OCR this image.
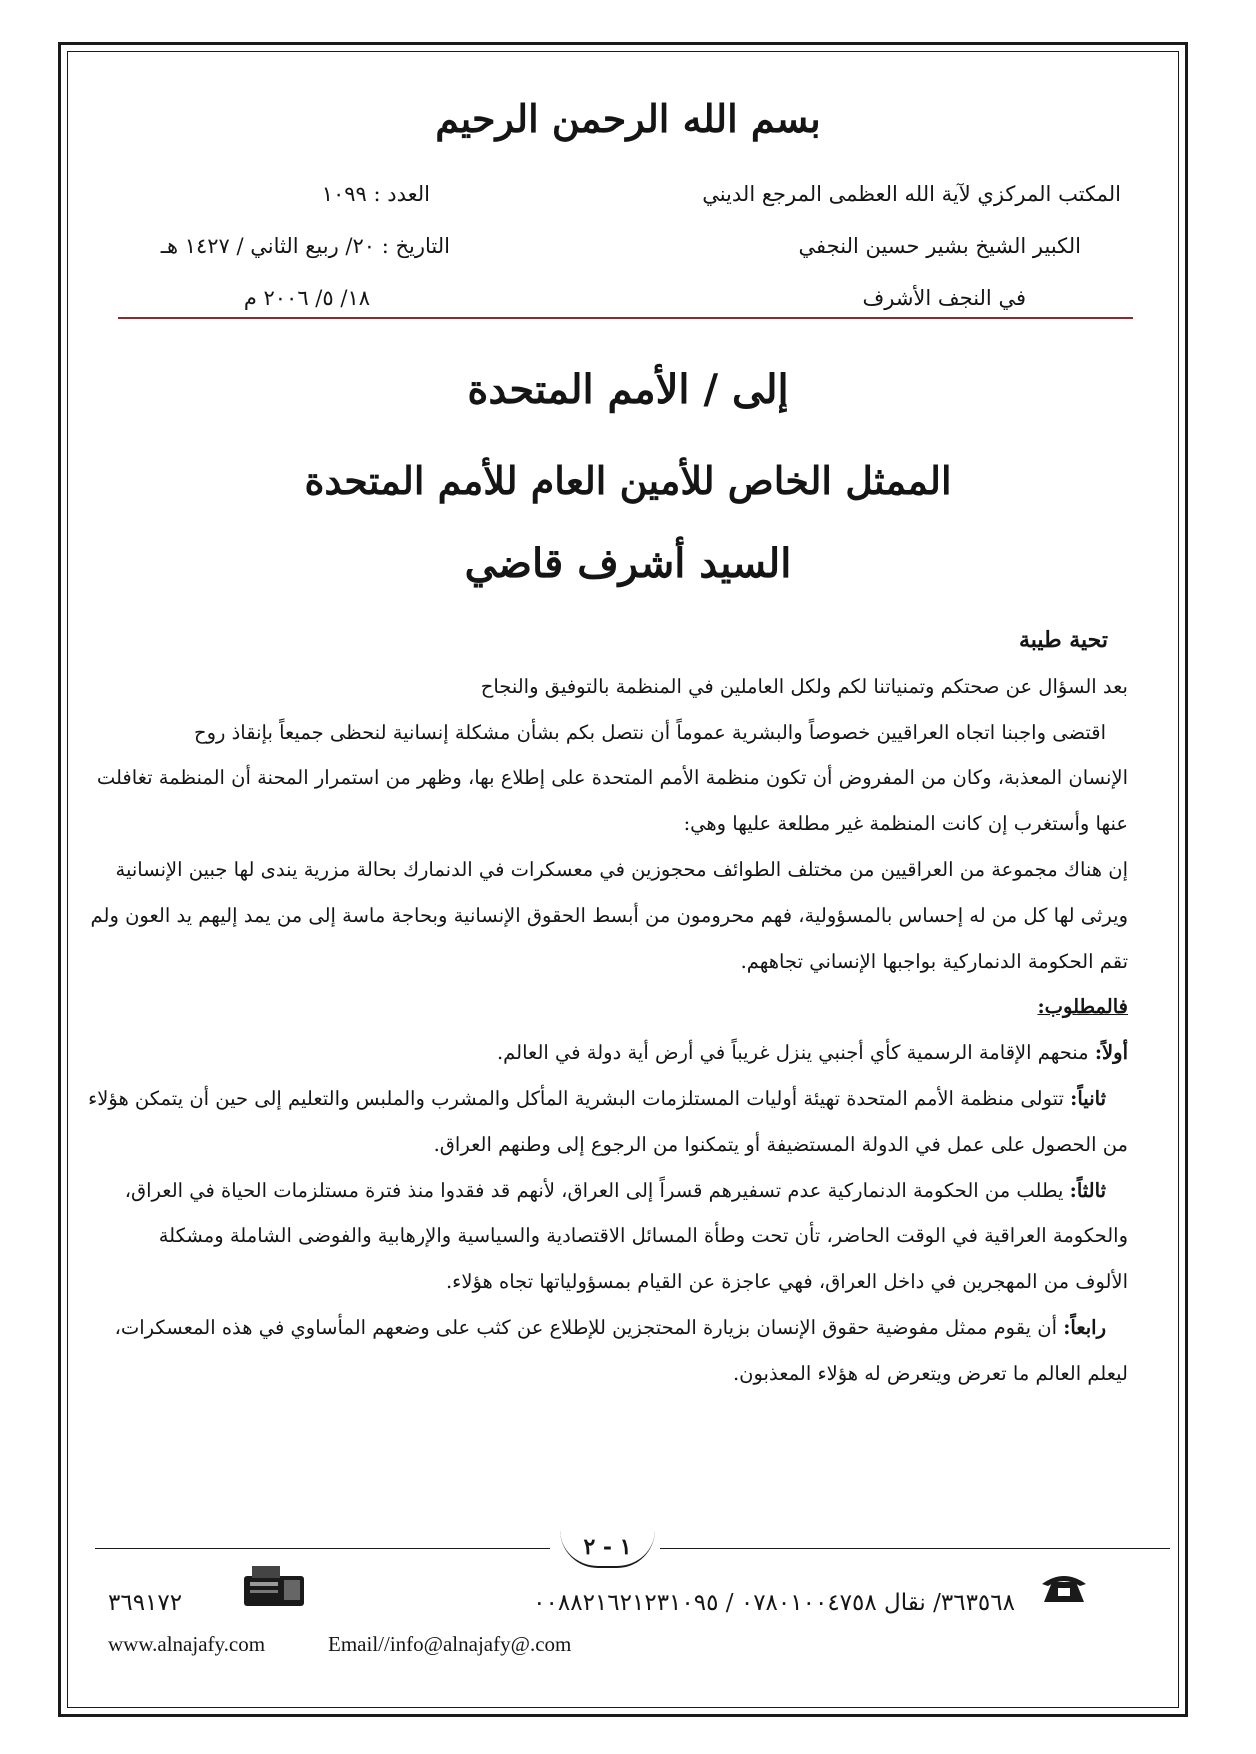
بسم الله الرحمن الرحيم
المكتب المركزي لآية الله العظمى المرجع الديني
الكبير الشيخ بشير حسين النجفي
في النجف الأشرف
العدد : ١٠٩٩
التاريخ : ٢٠/ ربيع الثاني / ١٤٢٧ هـ
١٨/ ٥/ ٢٠٠٦ م
إلى / الأمم المتحدة
الممثل الخاص للأمين العام للأمم المتحدة
السيد أشرف قاضي
تحية طيبة
بعد السؤال عن صحتكم وتمنياتنا لكم ولكل العاملين في المنظمة بالتوفيق والنجاح
اقتضى واجبنا اتجاه العراقيين خصوصاً والبشرية عموماً أن نتصل بكم بشأن مشكلة إنسانية لنحظى جميعاً بإنقاذ روح
الإنسان المعذبة، وكان من المفروض أن تكون منظمة الأمم المتحدة على إطلاع بها، وظهر من استمرار المحنة أن المنظمة تغافلت
عنها وأستغرب إن كانت المنظمة غير مطلعة عليها وهي:
إن هناك مجموعة من العراقيين من مختلف الطوائف محجوزين في معسكرات في الدنمارك بحالة مزرية يندى لها جبين الإنسانية
ويرثى لها كل من له إحساس بالمسؤولية، فهم محرومون من أبسط الحقوق الإنسانية وبحاجة ماسة إلى من يمد إليهم يد العون ولم
تقم الحكومة الدنماركية بواجبها الإنساني تجاههم.
فالمطلوب:
أولاً: منحهم الإقامة الرسمية كأي أجنبي ينزل غريباً في أرض أية دولة في العالم.
ثانياً: تتولى منظمة الأمم المتحدة تهيئة أوليات المستلزمات البشرية المأكل والمشرب والملبس والتعليم إلى حين أن يتمكن هؤلاء
من الحصول على عمل في الدولة المستضيفة أو يتمكنوا من الرجوع إلى وطنهم العراق.
ثالثاً: يطلب من الحكومة الدنماركية عدم تسفيرهم قسراً إلى العراق، لأنهم قد فقدوا منذ فترة مستلزمات الحياة في العراق،
والحكومة العراقية في الوقت الحاضر، تأن تحت وطأة المسائل الاقتصادية والسياسية والإرهابية والفوضى الشاملة ومشكلة
الألوف من المهجرين في داخل العراق، فهي عاجزة عن القيام بمسؤولياتها تجاه هؤلاء.
رابعاً: أن يقوم ممثل مفوضية حقوق الإنسان بزيارة المحتجزين للإطلاع عن كثب على وضعهم المأساوي في هذه المعسكرات،
ليعلم العالم ما تعرض ويتعرض له هؤلاء المعذبون.
١ - ٢
٣٦٣٥٦٨/ نقال ٠٧٨٠١٠٠٤٧٥٨ / ٠٠٨٨٢١٦٢١٢٣١٠٩٥
٣٦٩١٧٢
www.alnajafy.com	Email//info@alnajafy@.com
